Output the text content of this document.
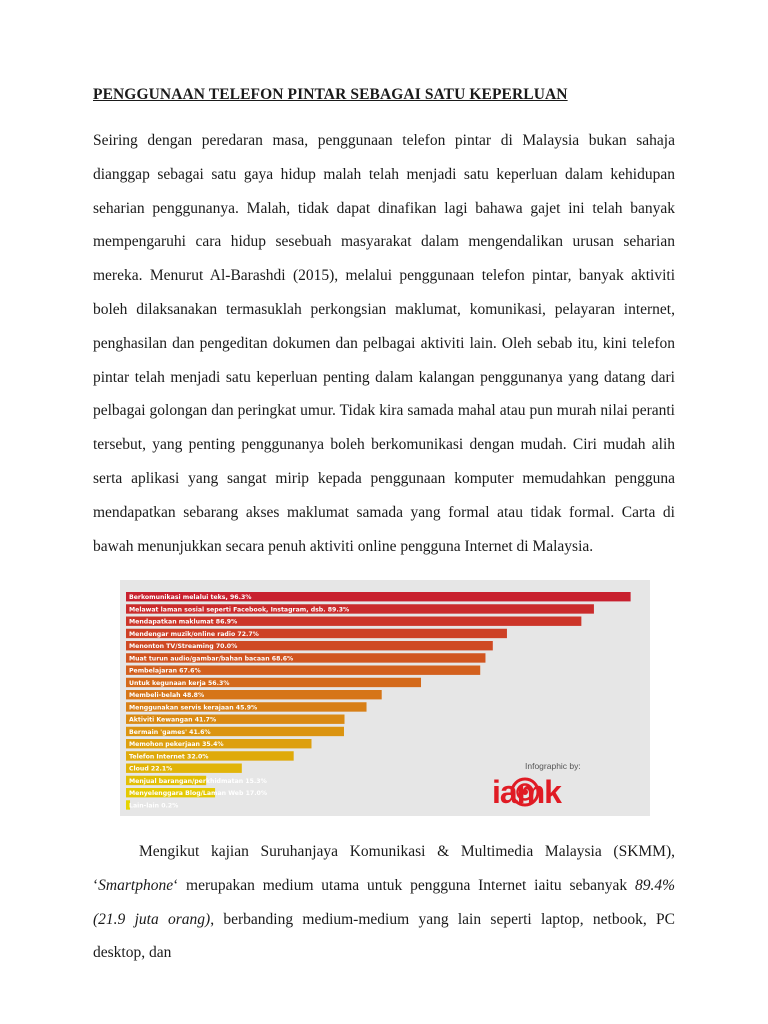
PENGGUNAAN TELEFON PINTAR SEBAGAI SATU KEPERLUAN
Seiring dengan peredaran masa, penggunaan telefon pintar di Malaysia bukan sahaja dianggap sebagai satu gaya hidup malah telah menjadi satu keperluan dalam kehidupan seharian penggunanya. Malah, tidak dapat dinafikan lagi bahawa gajet ini telah banyak mempengaruhi cara hidup sesebuah masyarakat dalam mengendalikan urusan seharian mereka. Menurut Al-Barashdi (2015), melalui penggunaan telefon pintar, banyak aktiviti boleh dilaksanakan termasuklah perkongsian maklumat, komunikasi, pelayaran internet, penghasilan dan pengeditan dokumen dan pelbagai aktiviti lain. Oleh sebab itu, kini telefon pintar telah menjadi satu keperluan penting dalam kalangan penggunanya yang datang dari pelbagai golongan dan peringkat umur. Tidak kira samada mahal atau pun murah nilai peranti tersebut, yang penting penggunanya boleh berkomunikasi dengan mudah. Ciri mudah alih serta aplikasi yang sangat mirip kepada penggunaan komputer memudahkan pengguna mendapatkan sebarang akses maklumat samada yang formal atau tidak formal. Carta di bawah menunjukkan secara penuh aktiviti online pengguna Internet di Malaysia.
Berkomunikasi melalui teks, 96.3%
Melawat laman sosial seperti Facebook, Instagram, dsb. 89.3%
Mendapatkan maklumat 86.9%
Mendengar muzik/online radio 72.7%
Menonton TV/Streaming 70.0%
Muat turun audio/gambar/bahan bacaan 68.6%
Pembelajaran 67.6%
Untuk kegunaan kerja 56.3%
Membeli-belah 48.8%
Menggunakan servis kerajaan 45.9%
Aktiviti Kewangan 41.7%
Bermain 'games' 41.6%
Memohon pekerjaan 35.4%
Telefon Internet 32.0%
Cloud 22.1%
Menjual barangan/perkhidmatan 15.3%
Menyelenggara Blog/Laman Web 17.0%
Lain-lain 0.2%
Infographic by:
iamk
Mengikut kajian Suruhanjaya Komunikasi & Multimedia Malaysia (SKMM), ‘Smartphone‘ merupakan medium utama untuk pengguna Internet iaitu sebanyak 89.4% (21.9 juta orang), berbanding medium-medium yang lain seperti laptop, netbook, PC desktop, dan
